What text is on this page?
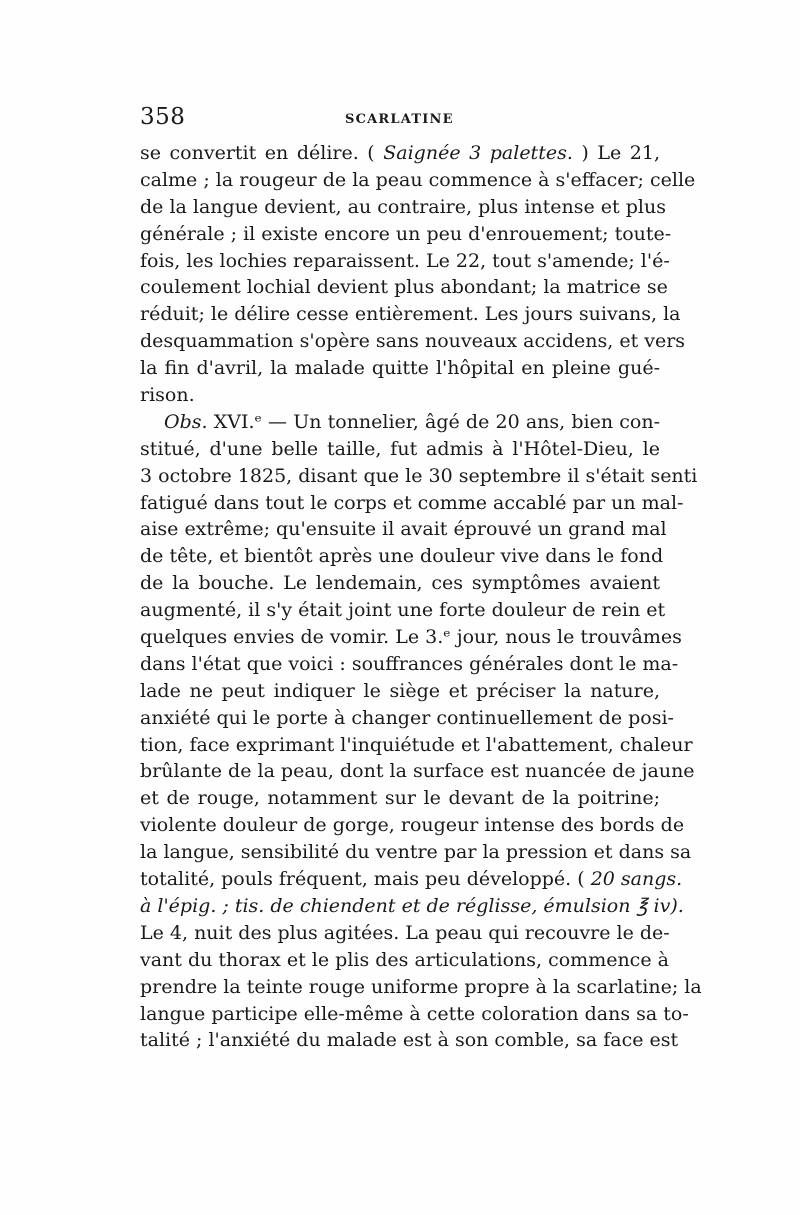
358	SCARLATINE
se convertit en délire. ( Saignée 3 palettes. ) Le 21,
calme ; la rougeur de la peau commence à s'effacer; celle
de la langue devient, au contraire, plus intense et plus
générale ; il existe encore un peu d'enrouement; toute-
fois, les lochies reparaissent. Le 22, tout s'amende; l'é-
coulement lochial devient plus abondant; la matrice se
réduit; le délire cesse entièrement. Les jours suivans, la
desquammation s'opère sans nouveaux accidens, et vers
la fin d'avril, la malade quitte l'hôpital en pleine gué-
rison.
Obs. XVI.ᵉ — Un tonnelier, âgé de 20 ans, bien con-
stitué, d'une belle taille, fut admis à l'Hôtel-Dieu, le
3 octobre 1825, disant que le 30 septembre il s'était senti
fatigué dans tout le corps et comme accablé par un mal-
aise extrême; qu'ensuite il avait éprouvé un grand mal
de tête, et bientôt après une douleur vive dans le fond
de la bouche. Le lendemain, ces symptômes avaient
augmenté, il s'y était joint une forte douleur de rein et
quelques envies de vomir. Le 3.ᵉ jour, nous le trouvâmes
dans l'état que voici : souffrances générales dont le ma-
lade ne peut indiquer le siège et préciser la nature,
anxiété qui le porte à changer continuellement de posi-
tion, face exprimant l'inquiétude et l'abattement, chaleur
brûlante de la peau, dont la surface est nuancée de jaune
et de rouge, notamment sur le devant de la poitrine;
violente douleur de gorge, rougeur intense des bords de
la langue, sensibilité du ventre par la pression et dans sa
totalité, pouls fréquent, mais peu développé. ( 20 sangs.
à l'épig. ; tis. de chiendent et de réglisse, émulsion ℥ iv).
Le 4, nuit des plus agitées. La peau qui recouvre le de-
vant du thorax et le plis des articulations, commence à
prendre la teinte rouge uniforme propre à la scarlatine; la
langue participe elle-même à cette coloration dans sa to-
talité ; l'anxiété du malade est à son comble, sa face est
